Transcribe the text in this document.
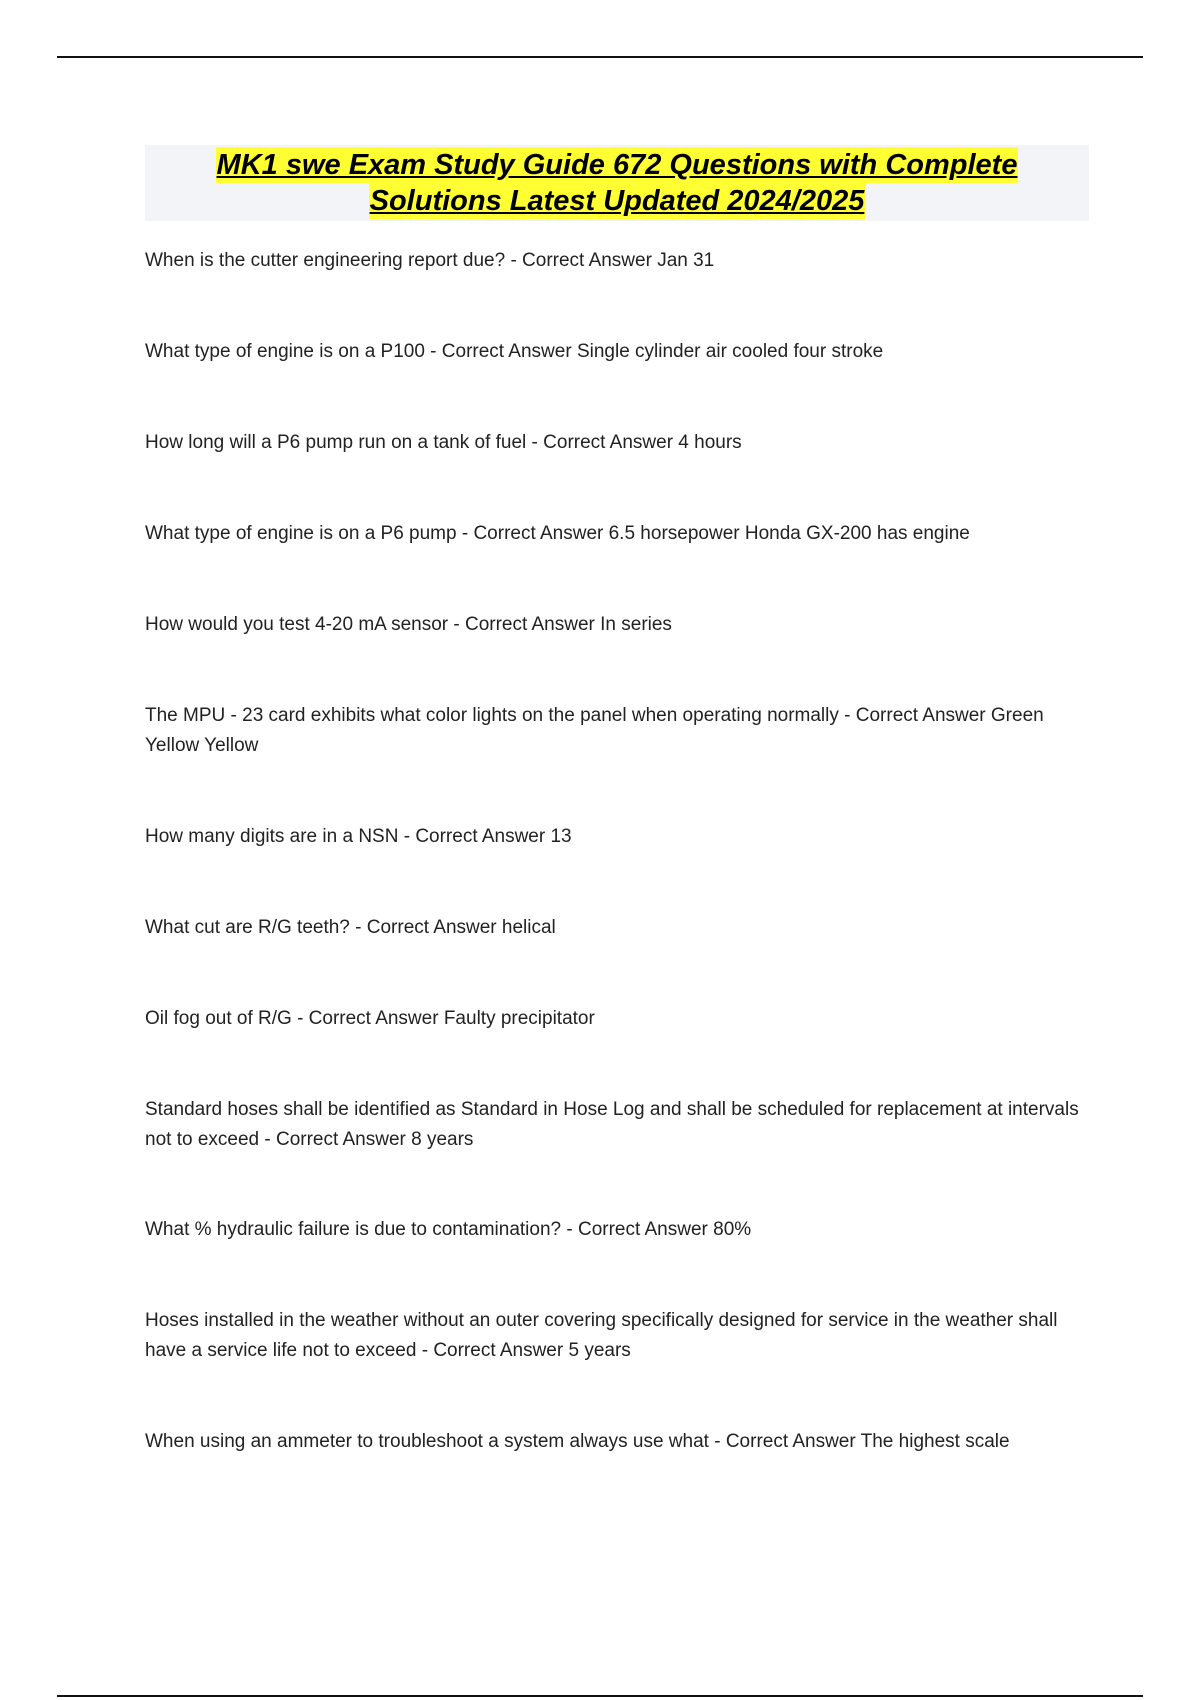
MK1 swe Exam Study Guide 672 Questions with Complete
Solutions Latest Updated 2024/2025

When is the cutter engineering report due? - Correct Answer Jan 31

What type of engine is on a P100 - Correct Answer Single cylinder air cooled four stroke

How long will a P6 pump run on a tank of fuel - Correct Answer 4 hours

What type of engine is on a P6 pump - Correct Answer 6.5 horsepower Honda GX-200 has engine

How would you test 4-20 mA sensor - Correct Answer In series

The MPU - 23 card exhibits what color lights on the panel when operating normally - Correct Answer Green Yellow Yellow

How many digits are in a NSN - Correct Answer 13

What cut are R/G teeth? - Correct Answer helical

Oil fog out of R/G - Correct Answer Faulty precipitator

Standard hoses shall be identified as Standard in Hose Log and shall be scheduled for replacement at intervals not to exceed - Correct Answer 8 years

What % hydraulic failure is due to contamination? - Correct Answer 80%

Hoses installed in the weather without an outer covering specifically designed for service in the weather shall have a service life not to exceed - Correct Answer 5 years

When using an ammeter to troubleshoot a system always use what - Correct Answer The highest scale
